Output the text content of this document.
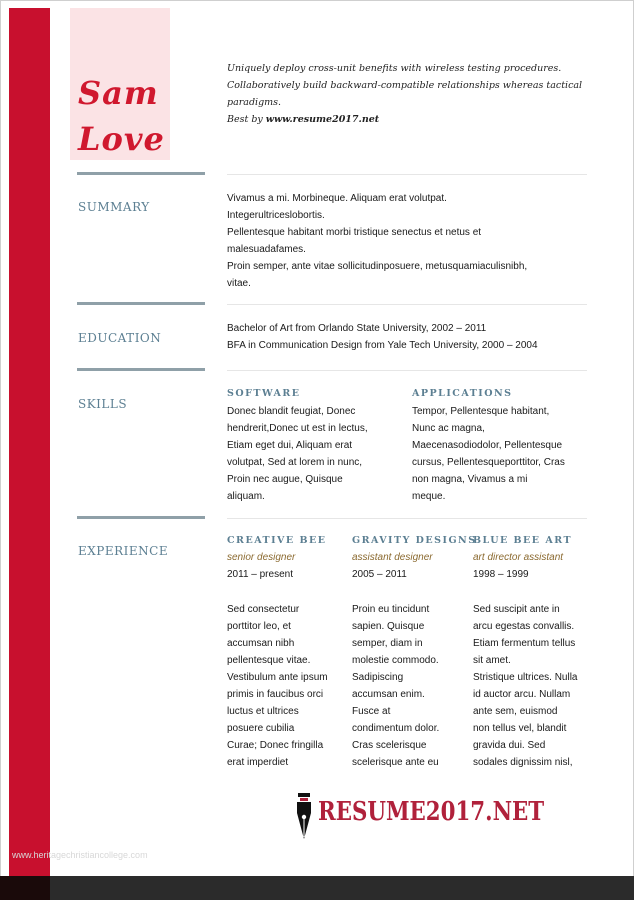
Sam
Love
Uniquely deploy cross-unit benefits with wireless testing procedures.
Collaboratively build backward-compatible relationships whereas tactical
paradigms.
Best by www.resume2017.net
SUMMARY
Vivamus a mi. Morbineque. Aliquam erat volutpat.
Integerultriceslobortis.
Pellentesque habitant morbi tristique senectus et netus et
malesuadafames.
Proin semper, ante vitae sollicitudinposuere, metusquamiaculisnibh,
vitae.
EDUCATION
Bachelor of Art from Orlando State University, 2002 – 2011
BFA in Communication Design from Yale Tech University, 2000 – 2004
SKILLS
SOFTWARE
Donec blandit feugiat, Donec
hendrerit,Donec ut est in lectus,
Etiam eget dui, Aliquam erat
volutpat, Sed at lorem in nunc,
Proin nec augue, Quisque
aliquam.
APPLICATIONS
Tempor, Pellentesque habitant,
Nunc ac magna,
Maecenasodiodolor, Pellentesque
cursus, Pellentesqueporttitor, Cras
non magna, Vivamus a mi
meque.
EXPERIENCE
CREATIVE BEE
senior designer
2011 – present
Sed consectetur
porttitor leo, et
accumsan nibh
pellentesque vitae.
Vestibulum ante ipsum
primis in faucibus orci
luctus et ultrices
posuere cubilia
Curae; Donec fringilla
erat imperdiet
GRAVITY DESIGNS
assistant designer
2005 – 2011
Proin eu tincidunt
sapien. Quisque
semper, diam in
molestie commodo.
Sadipiscing
accumsan enim.
Fusce at
condimentum dolor.
Cras scelerisque
scelerisque ante eu
BLUE BEE ART
art director assistant
1998 – 1999
Sed suscipit ante in
arcu egestas convallis.
Etiam fermentum tellus
sit amet.
Stristique ultrices. Nulla
id auctor arcu. Nullam
ante sem, euismod
non tellus vel, blandit
gravida dui. Sed
sodales dignissim nisl,
RESUME2017.NET
www.heritagechristiancollege.com
